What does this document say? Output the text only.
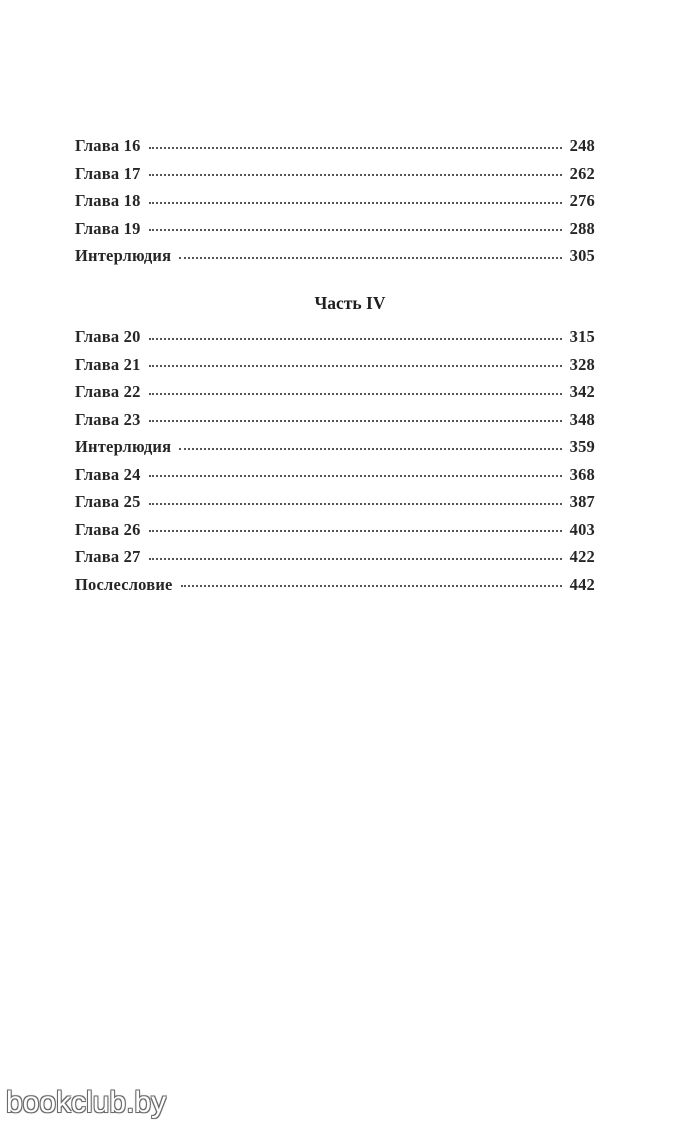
Глава 16	248
Глава 17	262
Глава 18	276
Глава 19	288
Интерлюдия	305
Часть IV
Глава 20	315
Глава 21	328
Глава 22	342
Глава 23	348
Интерлюдия	359
Глава 24	368
Глава 25	387
Глава 26	403
Глава 27	422
Послесловие	442
bookclub.by
